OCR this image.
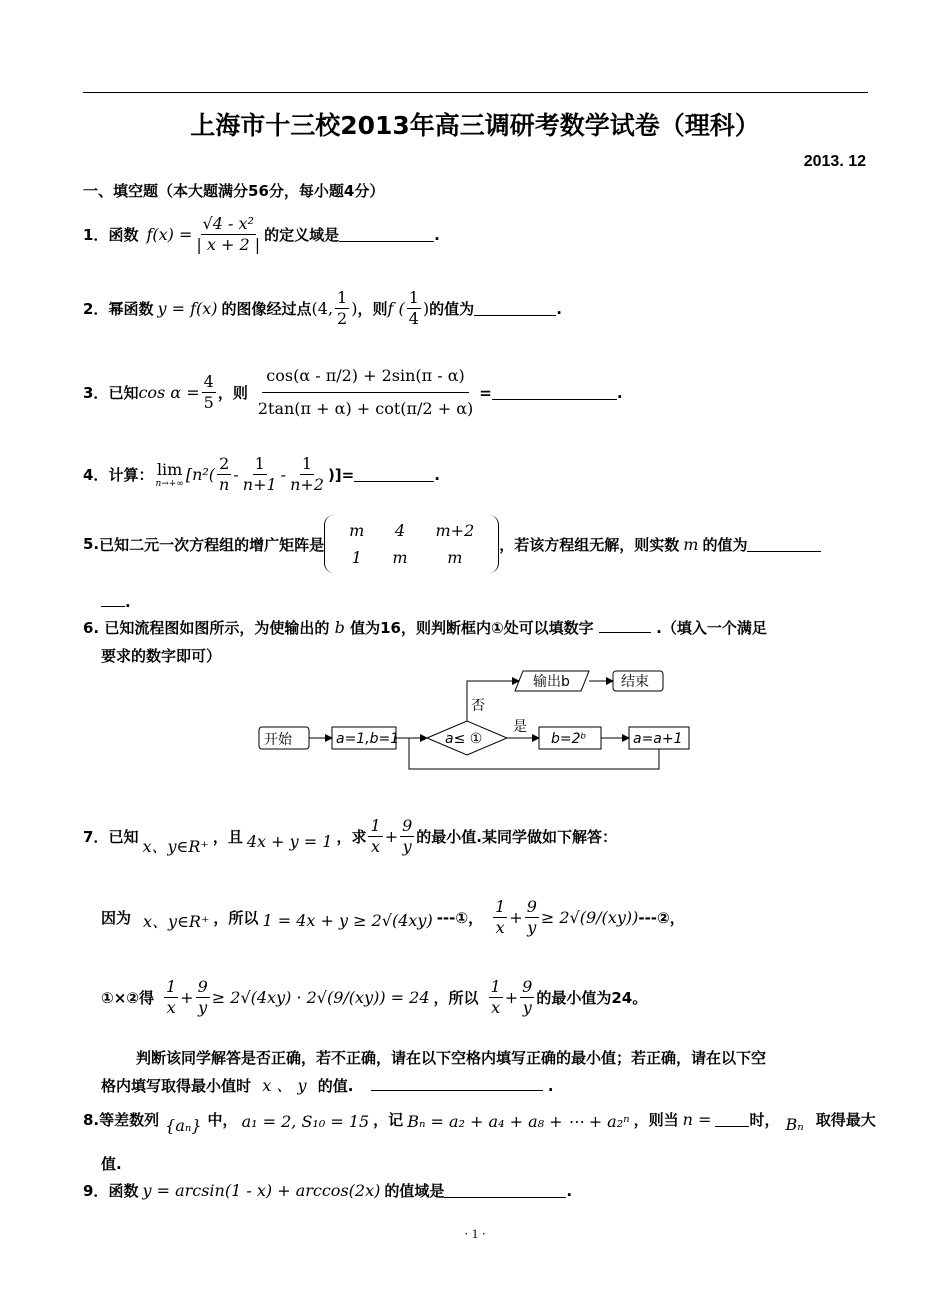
上海市十三校2013年高三调研考数学试卷（理科）
2013. 12
一、填空题（本大题满分56分，每小题4分）
1． 函数 $f(x) = \frac{\text{√4 - x²}}{| x + 2 |}$ 的定义域是	.
2． 幂函数 y = f(x) 的图像经过点 (4, $\frac{1}{2}$ ) ，则 f ( $\frac{1}{4}$ ) 的值为	.
3． 已知 $\cos \alpha = \frac{4}{5}$ ，则 $\frac{\cos(\alpha - \pi/2) + 2\sin(\pi - \alpha)}{2\tan(\pi + \alpha) + \cot(\pi/2 + \alpha)}$ =	.
4． 计算： lim
n→+∞ [$n^2( \frac{2}{n} - \frac{1}{n+1} - \frac{1}{n+2}$ )]=	.
5. 已知二元一次方程组的增广矩阵是
m	4	m+2
1	m	m
，若该方程组无解，则实数 m 的值为
.
6. 已知流程图如图所示，为使输出的 b 值为16，则判断框内①处可以填数字	.（填入一个满足
要求的数字即可）
开始	a=1,b=1	a≤ ①
是
否
b=2ᵇ	a=a+1
输出b	结束
7． 已知 x、y∈R⁺ ，且 4x + y = 1 ，求 $\frac{1}{x} + \frac{9}{y}$ 的最小值.某同学做如下解答：
因为 x、y∈R⁺ ，所以 1 = 4x + y ≥ 2√(4xy) ---①， $\frac{1}{x} + \frac{9}{y} \ge 2√(9/(xy))$ ---②，
①×②得 $\frac{1}{x} + \frac{9}{y} \ge 2√(4xy) \cdot 2√(9/(xy)) = 24$ ，所以 $\frac{1}{x} + \frac{9}{y}$ 的最小值为24。
判断该同学解答是否正确，若不正确，请在以下空格内填写正确的最小值；若正确，请在以下空
格内填写取得最小值时 x 、 y 的值.	.
8. 等差数列 {aₙ} 中， a₁ = 2, S₁₀ = 15 ，记 Bₙ = a₂ + a₄ + a₈ + ⋯ + a₂ⁿ ，则当 n =	时， Bₙ 取得最大
值.
9． 函数 y = arcsin(1 - x) + arccos(2x) 的值域是	.
· 1 ·
